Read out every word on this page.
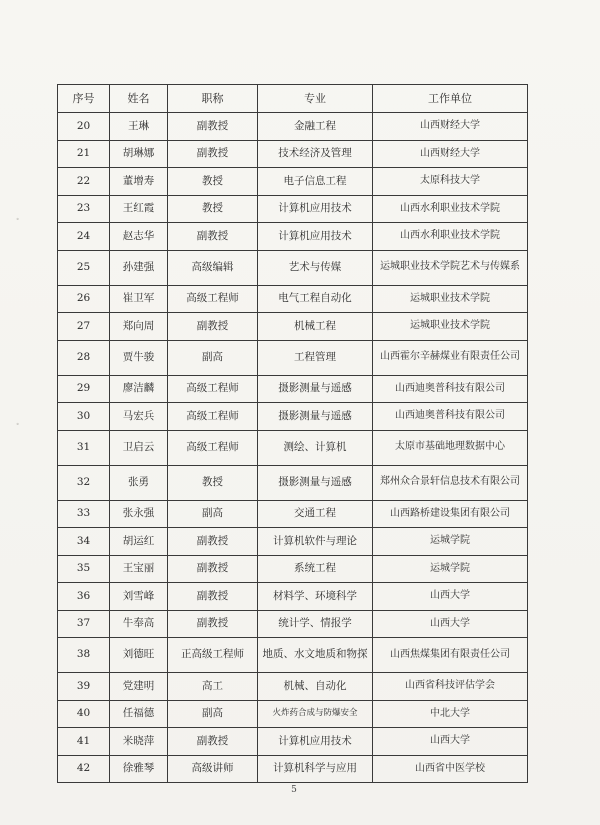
∘
∘
序号	姓名	职称	专业	工作单位
20	王琳	副教授	金融工程	山西财经大学
21	胡琳娜	副教授	技术经济及管理	山西财经大学
22	董增寿	教授	电子信息工程	太原科技大学
23	王红霞	教授	计算机应用技术	山西水利职业技术学院
24	赵志华	副教授	计算机应用技术	山西水利职业技术学院
25	孙建强	高级编辑	艺术与传媒	运城职业技术学院艺术与传媒系
26	崔卫军	高级工程师	电气工程自动化	运城职业技术学院
27	郑向周	副教授	机械工程	运城职业技术学院
28	贾牛骏	副高	工程管理	山西霍尔辛赫煤业有限责任公司
29	廖洁麟	高级工程师	摄影测量与遥感	山西迪奥普科技有限公司
30	马宏兵	高级工程师	摄影测量与遥感	山西迪奥普科技有限公司
31	卫启云	高级工程师	测绘、计算机	太原市基础地理数据中心
32	张勇	教授	摄影测量与遥感	郑州众合景轩信息技术有限公司
33	张永强	副高	交通工程	山西路桥建设集团有限公司
34	胡运红	副教授	计算机软件与理论	运城学院
35	王宝丽	副教授	系统工程	运城学院
36	刘雪峰	副教授	材料学、环境科学	山西大学
37	牛奉高	副教授	统计学、情报学	山西大学
38	刘德旺	正高级工程师	地质、水文地质和物探	山西焦煤集团有限责任公司
39	党建明	高工	机械、自动化	山西省科技评估学会
40	任福德	副高	火炸药合成与防爆安全	中北大学
41	米晓萍	副教授	计算机应用技术	山西大学
42	徐雅琴	高级讲师	计算机科学与应用	山西省中医学校
5
